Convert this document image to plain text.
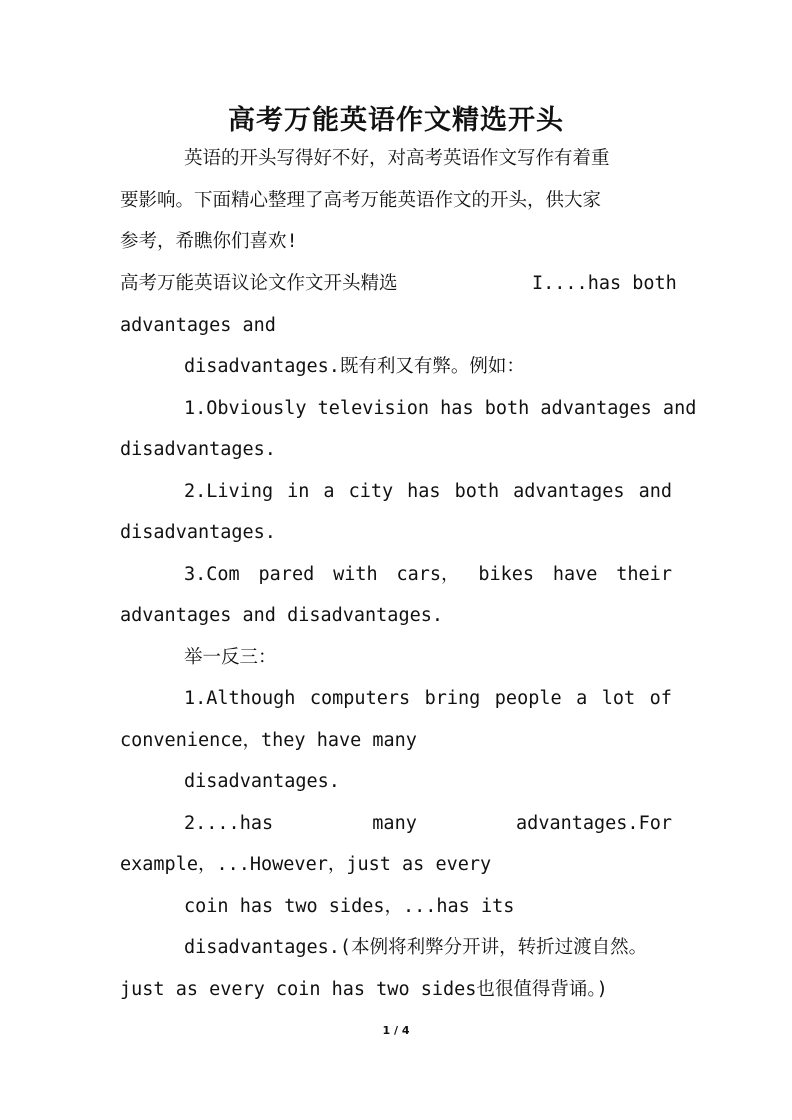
高考万能英语作文精选开头
英语的开头写得好不好，对高考英语作文写作有着重
要影响。下面精心整理了高考万能英语作文的开头，供大家
参考，希瞧你们喜欢!
高考万能英语议论文作文开头精选	I....has both
advantages and
disadvantages.既有利又有弊。例如：
1.Obviously television has both advantages and
disadvantages.
2.Living in a city has both advantages and
disadvantages.
3.Com pared with cars， bikes have their
advantages and disadvantages.
举一反三：
1.Although computers bring people a lot of
convenience，they have many
disadvantages.
2....has	many	advantages.For
example，...However，just as every
coin has two sides，...has its
disadvantages.(本例将利弊分开讲，转折过渡自然。
just as every coin has two sides也很值得背诵。)
1 / 4
